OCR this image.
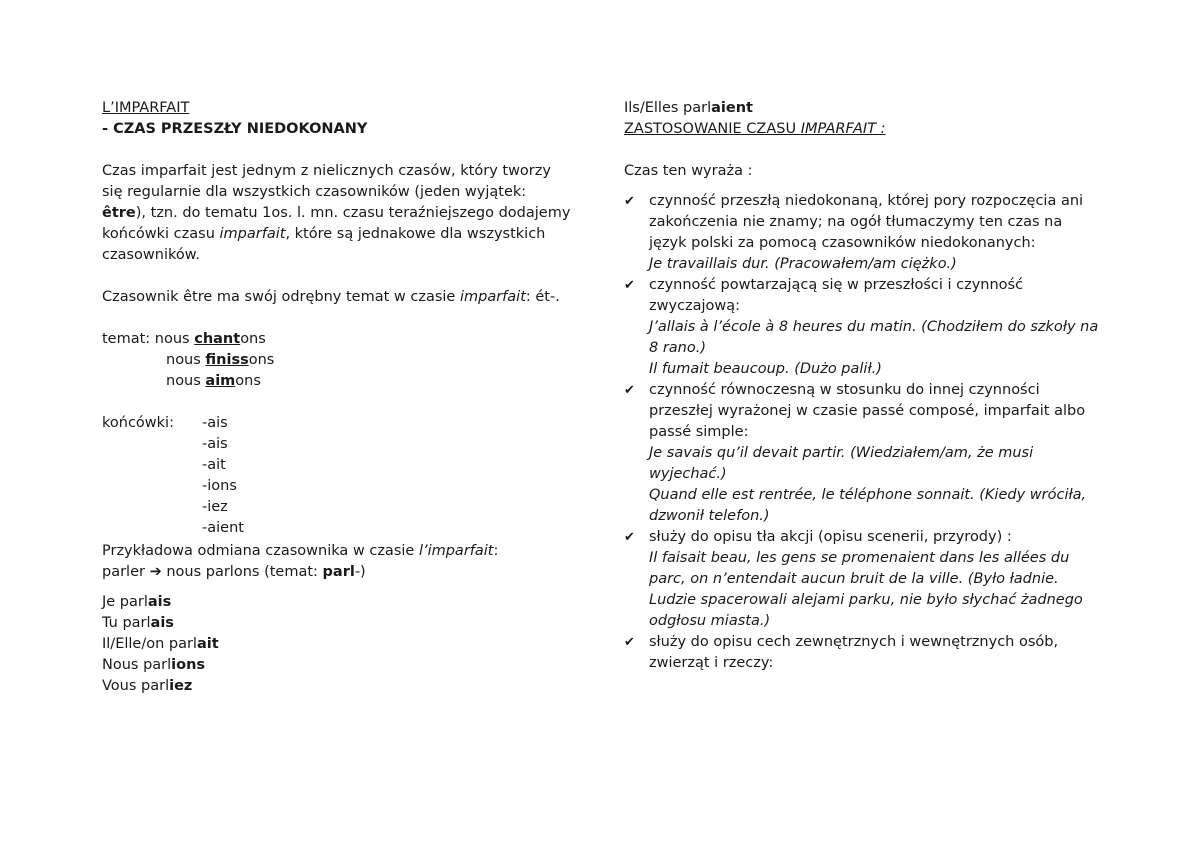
L’IMPARFAIT
- CZAS PRZESZŁY NIEDOKONANY
Czas imparfait jest jednym z nielicznych czasów, który tworzy się regularnie dla wszystkich czasowników (jeden wyjątek: être), tzn. do tematu 1os. l. mn. czasu teraźniejszego dodajemy końcówki czasu imparfait, które są jednakowe dla wszystkich czasowników.
Czasownik être ma swój odrębny temat w czasie imparfait: ét-.
temat: nous chantons
nous finissons
nous aimons
końcówki:	-ais
-ais
-ait
-ions
-iez
-aient
Przykładowa odmiana czasownika w czasie l’imparfait:
parler ➔ nous parlons (temat: parl-)
Je parlais
Tu parlais
Il/Elle/on parlait
Nous parlions
Vous parliez
Ils/Elles parlaient
ZASTOSOWANIE CZASU IMPARFAIT :
Czas ten wyraża :
✔ czynność przeszłą niedokonaną, której pory rozpoczęcia ani zakończenia nie znamy; na ogół tłumaczymy ten czas na język polski za pomocą czasowników niedokonanych:
Je travaillais dur. (Pracowałem/am ciężko.)
✔ czynność powtarzającą się w przeszłości i czynność zwyczajową:
J’allais à l’école à 8 heures du matin. (Chodziłem do szkoły na 8 rano.)
Il fumait beaucoup. (Dużo palił.)
✔ czynność równoczesną w stosunku do innej czynności przeszłej wyrażonej w czasie passé composé, imparfait albo passé simple:
Je savais qu’il devait partir. (Wiedziałem/am, że musi wyjechać.)
Quand elle est rentrée, le téléphone sonnait. (Kiedy wróciła, dzwonił telefon.)
✔ służy do opisu tła akcji (opisu scenerii, przyrody) :
Il faisait beau, les gens se promenaient dans les allées du parc, on n’entendait aucun bruit de la ville. (Było ładnie. Ludzie spacerowali alejami parku, nie było słychać żadnego odgłosu miasta.)
✔ służy do opisu cech zewnętrznych i wewnętrznych osób, zwierząt i rzeczy:
